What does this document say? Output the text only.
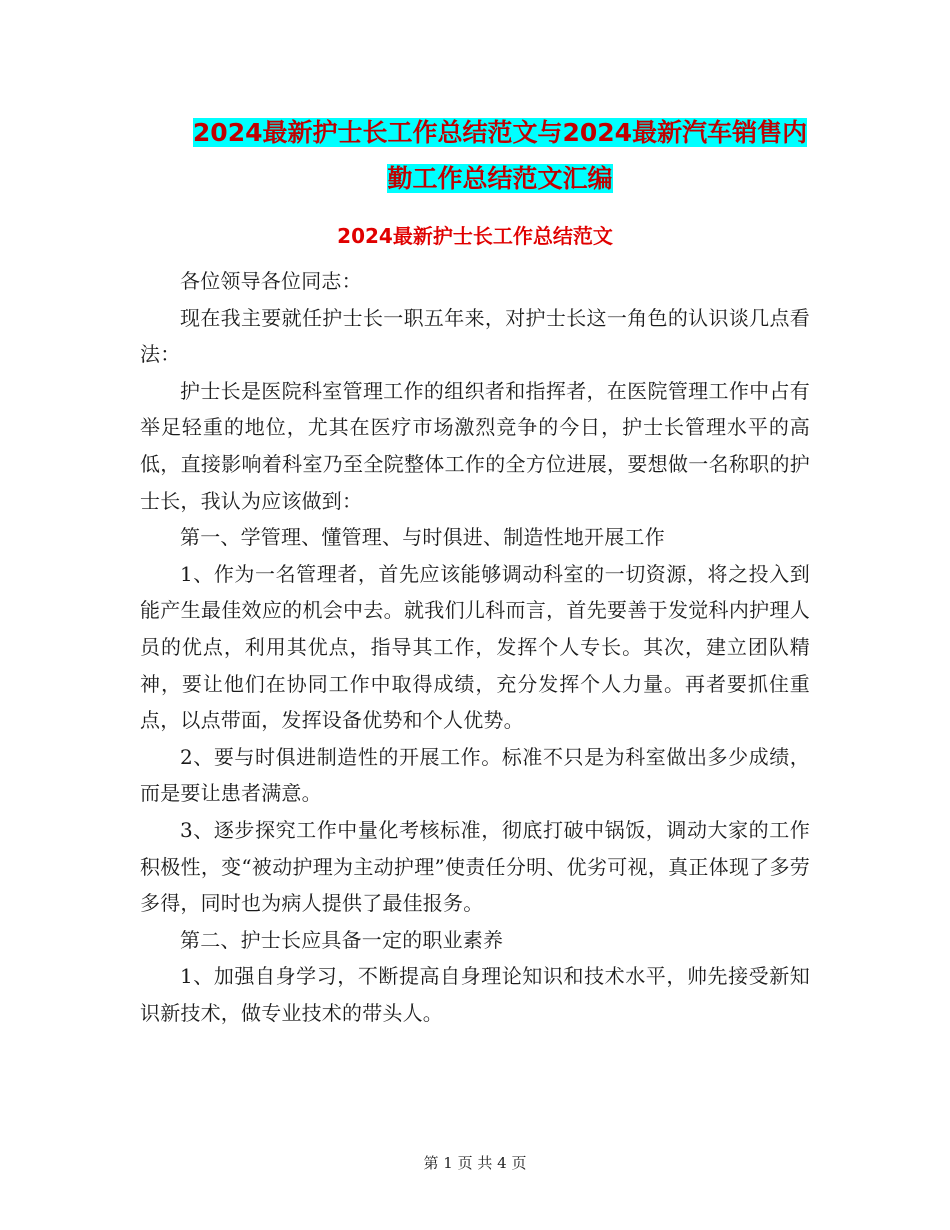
2024最新护士长工作总结范文与2024最新汽车销售内
勤工作总结范文汇编
2024最新护士长工作总结范文

各位领导各位同志：

现在我主要就任护士长一职五年来，对护士长这一角色的认识谈几点看法：

护士长是医院科室管理工作的组织者和指挥者，在医院管理工作中占有举足轻重的地位，尤其在医疗市场激烈竞争的今日，护士长管理水平的高低，直接影响着科室乃至全院整体工作的全方位进展，要想做一名称职的护士长，我认为应该做到：

第一、学管理、懂管理、与时俱进、制造性地开展工作

1、作为一名管理者，首先应该能够调动科室的一切资源，将之投入到能产生最佳效应的机会中去。就我们儿科而言，首先要善于发觉科内护理人员的优点，利用其优点，指导其工作，发挥个人专长。其次，建立团队精神，要让他们在协同工作中取得成绩，充分发挥个人力量。再者要抓住重点，以点带面，发挥设备优势和个人优势。

2、要与时俱进制造性的开展工作。标准不只是为科室做出多少成绩，而是要让患者满意。

3、逐步探究工作中量化考核标准，彻底打破中锅饭，调动大家的工作积极性，变“被动护理为主动护理”使责任分明、优劣可视，真正体现了多劳多得，同时也为病人提供了最佳报务。

第二、护士长应具备一定的职业素养

1、加强自身学习，不断提高自身理论知识和技术水平，帅先接受新知识新技术，做专业技术的带头人。

第 1 页 共 4 页
